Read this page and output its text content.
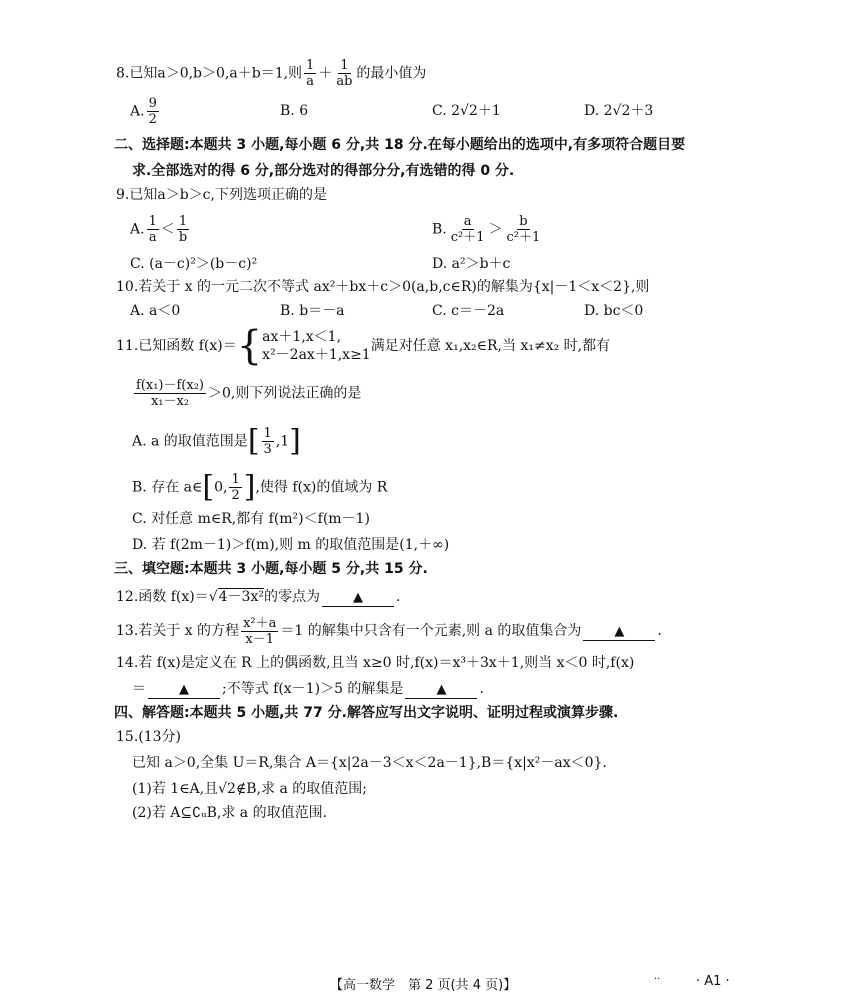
8.已知a＞0,b＞0,a＋b＝1,则 $\frac{1}{a} + \frac{1}{ab}$ 的最小值为
A. $\frac{9}{2}$	B. 6	C. 2√2＋1	D. 2√2＋3
二、选择题:本题共 3 小题,每小题 6 分,共 18 分.在每小题给出的选项中,有多项符合题目要
求.全部选对的得 6 分,部分选对的得部分分,有选错的得 0 分.
9.已知a＞b＞c,下列选项正确的是
A. $\frac{1}{a} < \frac{1}{b}$	B. $\frac{a}{\text{c²＋1}} > \frac{b}{\text{c²＋1}}$
C. (a－c)²＞(b－c)²	D. a²＞b＋c
10.若关于 x 的一元二次不等式 ax²＋bx＋c＞0(a,b,c∈R)的解集为{x|－1＜x＜2},则
A. a＜0	B. b＝－a	C. c＝－2a	D. bc＜0
11.已知函数 f(x)＝{ ax＋1,x＜1,
x²－2ax＋1,x≥1
满足对任意 x₁,x₂∈R,当 x₁≠x₂ 时,都有
$\frac{\text{f(x₁)－f(x₂)}}{\text{x₁－x₂}} >0$,则下列说法正确的是
A. a 的取值范围是[ $\frac{1}{3} ,1$]
B. 存在 a∈[0, $\frac{1}{2}$ ],使得 f(x)的值域为 R
C. 对任意 m∈R,都有 f(m²)＜f(m－1)
D. 若 f(2m－1)＞f(m),则 m 的取值范围是(1,＋∞)
三、填空题:本题共 3 小题,每小题 5 分,共 15 分.
12.函数 f(x)＝√4－3x²的零点为	▲ .
13.若关于 x 的方程 $\frac{\text{x²＋a}}{x-1} =1$ 的解集中只含有一个元素,则 a 的取值集合为	▲ .
14.若 f(x)是定义在 R 上的偶函数,且当 x≥0 时,f(x)＝x³＋3x＋1,则当 x＜0 时,f(x)
＝	▲ ;不等式 f(x－1)＞5 的解集是	▲ .
四、解答题:本题共 5 小题,共 77 分.解答应写出文字说明、证明过程或演算步骤.
15.(13分)
已知 a＞0,全集 U＝R,集合 A＝{x|2a－3＜x＜2a－1},B＝{x|x²－ax＜0}.
(1)若 1∈A,且√2∉B,求 a 的取值范围;
(2)若 A⊆∁ᵤB,求 a 的取值范围.
【高一数学　第 2 页(共 4 页)】	··	· A1 ·
